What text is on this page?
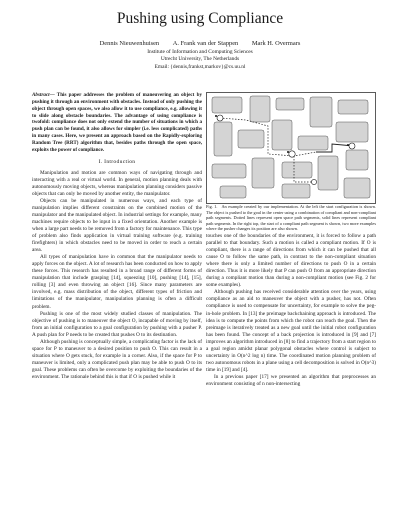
Pushing using Compliance
Dennis Nieuwenhuisen A. Frank van der Stappen Mark H. Overmars
Institute of Information and Computing Sciences
Utrecht University, The Netherlands
Email: {dennis,frankst,markov}@cs.uu.nl
Abstract— This paper addresses the problem of maneuvering an object by pushing it through an environment with obstacles. Instead of only pushing the object through open spaces, we also allow it to use compliance, e.g. allowing it to slide along obstacle boundaries. The advantage of using compliance is twofold: compliance does not only extend the number of situations in which a push plan can be found, it also allows for simpler (i.e. less complicated) paths in many cases. Here, we present an approach based on the Rapidly-exploring Random Tree (RRT) algorithm that, besides paths through the open space, exploits the power of compliance.
I. Introduction

Manipulation and motion are common ways of navigating through and interacting with a real or virtual world. In general, motion planning deals with autonomously moving objects, whereas manipulation planning considers passive objects that can only be moved by another entity, the manipulator.

Objects can be manipulated in numerous ways, and each type of manipulation implies different constraints on the combined motion of the manipulator and the manipulated object. In industrial settings for example, many machines require objects to be input in a fixed orientation. Another example is when a large part needs to be removed from a factory for maintenance. This type of problem also finds application in virtual training software (e.g. training firefighters) in which obstacles need to be moved in order to reach a certain area.

All types of manipulation have in common that the manipulator needs to apply forces on the object. A lot of research has been conducted on how to apply these forces. This research has resulted in a broad range of different forms of manipulation that include grasping [14], squeezing [10], pushing [14], [15], rolling [3] and even throwing an object [16]. Since many parameters are involved, e.g. mass distribution of the object, different types of friction and limitations of the manipulator, manipulation planning is often a difficult problem.

Pushing is one of the most widely studied classes of manipulation. The objective of pushing is to maneuver the object O, incapable of moving by itself, from an initial configuration to a goal configuration by pushing with a pusher P. A push plan for P needs to be created that pushes O to its destination.

Although pushing is conceptually simple, a complicating factor is the lack of space for P to maneuver to a desired position to push O. This can result in a situation where O gets stuck, for example in a corner. Also, if the space for P to maneuver is limited, only a complicated push plan may be able to push O to its goal. These problems can often be overcome by exploiting the boundaries of the environment. The rationale behind this is that if O is pushed while it

Fig. 1. An example created by our implementation. At the left the start configuration is shown. The object is pushed to the goal in the center using a combination of compliant and non-compliant path segments. Dotted lines represent open space path segments, solid lines represent compliant path segments. In the right top, the start of a compliant path segment is shown, two more examples where the pusher changes its position are also shown.

touches one of the boundaries of the environment, it is forced to follow a path parallel to that boundary. Such a motion is called a compliant motion. If O is compliant, there is a range of directions from which it can be pushed that all cause O to follow the same path, in contrast to the non-compliant situation where there is only a limited number of directions to push O in a certain direction. Thus it is more likely that P can push O from an appropriate direction during a compliant motion than during a non-compliant motion (see Fig. 2 for some examples).

Although pushing has received considerable attention over the years, using compliance as an aid to maneuver the object with a pusher, has not. Often compliance is used to compensate for uncertainty, for example to solve the peg-in-hole problem. In [13] the preimage backchaining approach is introduced. The idea is to compute the points from which the robot can reach the goal. Then the preimage is iteratively treated as a new goal until the initial robot configuration has been found. The concept of a back projection is introduced in [9] and [7] improves an algorithm introduced in [8] to find a trajectory from a start region to a goal region amidst planar polygonal obstacles where control is subject to uncertainty in O(n^2 log n) time. The coordinated motion planning problem of two autonomous robots in a plane using a cell decomposition is solved in O(n^3) time in [19] and [4].

In a previous paper [17] we presented an algorithm that preprocesses an environment consisting of n non-intersecting
